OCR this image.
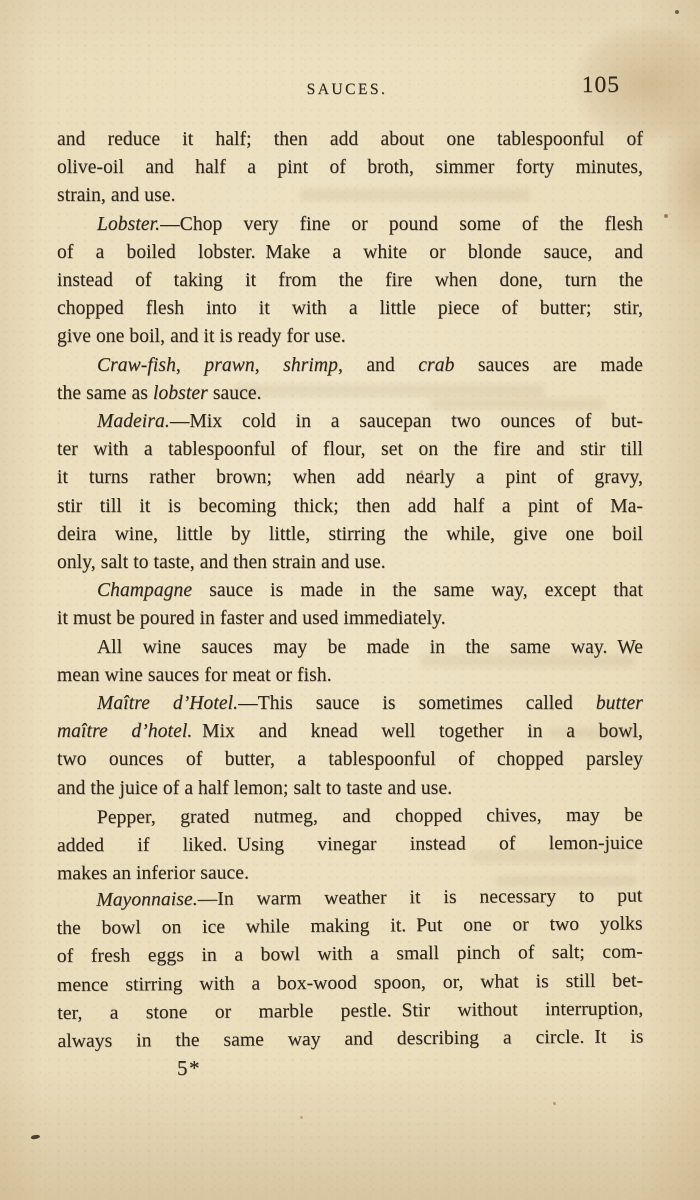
SAUCES.	105
and reduce it half; then add about one tablespoonful of
olive-oil and half a pint of broth, simmer forty minutes,
strain, and use.
Lobster.—Chop very fine or pound some of the flesh
of a boiled lobster. Make a white or blonde sauce, and
instead of taking it from the fire when done, turn the
chopped flesh into it with a little piece of butter; stir,
give one boil, and it is ready for use.
Craw-fish, prawn, shrimp, and crab sauces are made
the same as lobster sauce.
Madeira.—Mix cold in a saucepan two ounces of but-
ter with a tablespoonful of flour, set on the fire and stir till
it turns rather brown; when add nearly a pint of gravy,
stir till it is becoming thick; then add half a pint of Ma-
deira wine, little by little, stirring the while, give one boil
only, salt to taste, and then strain and use.
Champagne sauce is made in the same way, except that
it must be poured in faster and used immediately.
All wine sauces may be made in the same way. We
mean wine sauces for meat or fish.
Maître d’Hotel.—This sauce is sometimes called butter
maître d’hotel. Mix and knead well together in a bowl,
two ounces of butter, a tablespoonful of chopped parsley
and the juice of a half lemon; salt to taste and use.
Pepper, grated nutmeg, and chopped chives, may be
added if liked. Using vinegar instead of lemon-juice
makes an inferior sauce.
Mayonnaise.—In warm weather it is necessary to put
the bowl on ice while making it. Put one or two yolks
of fresh eggs in a bowl with a small pinch of salt; com-
mence stirring with a box-wood spoon, or, what is still bet-
ter, a stone or marble pestle. Stir without interruption,
always in the same way and describing a circle. It is
5*
